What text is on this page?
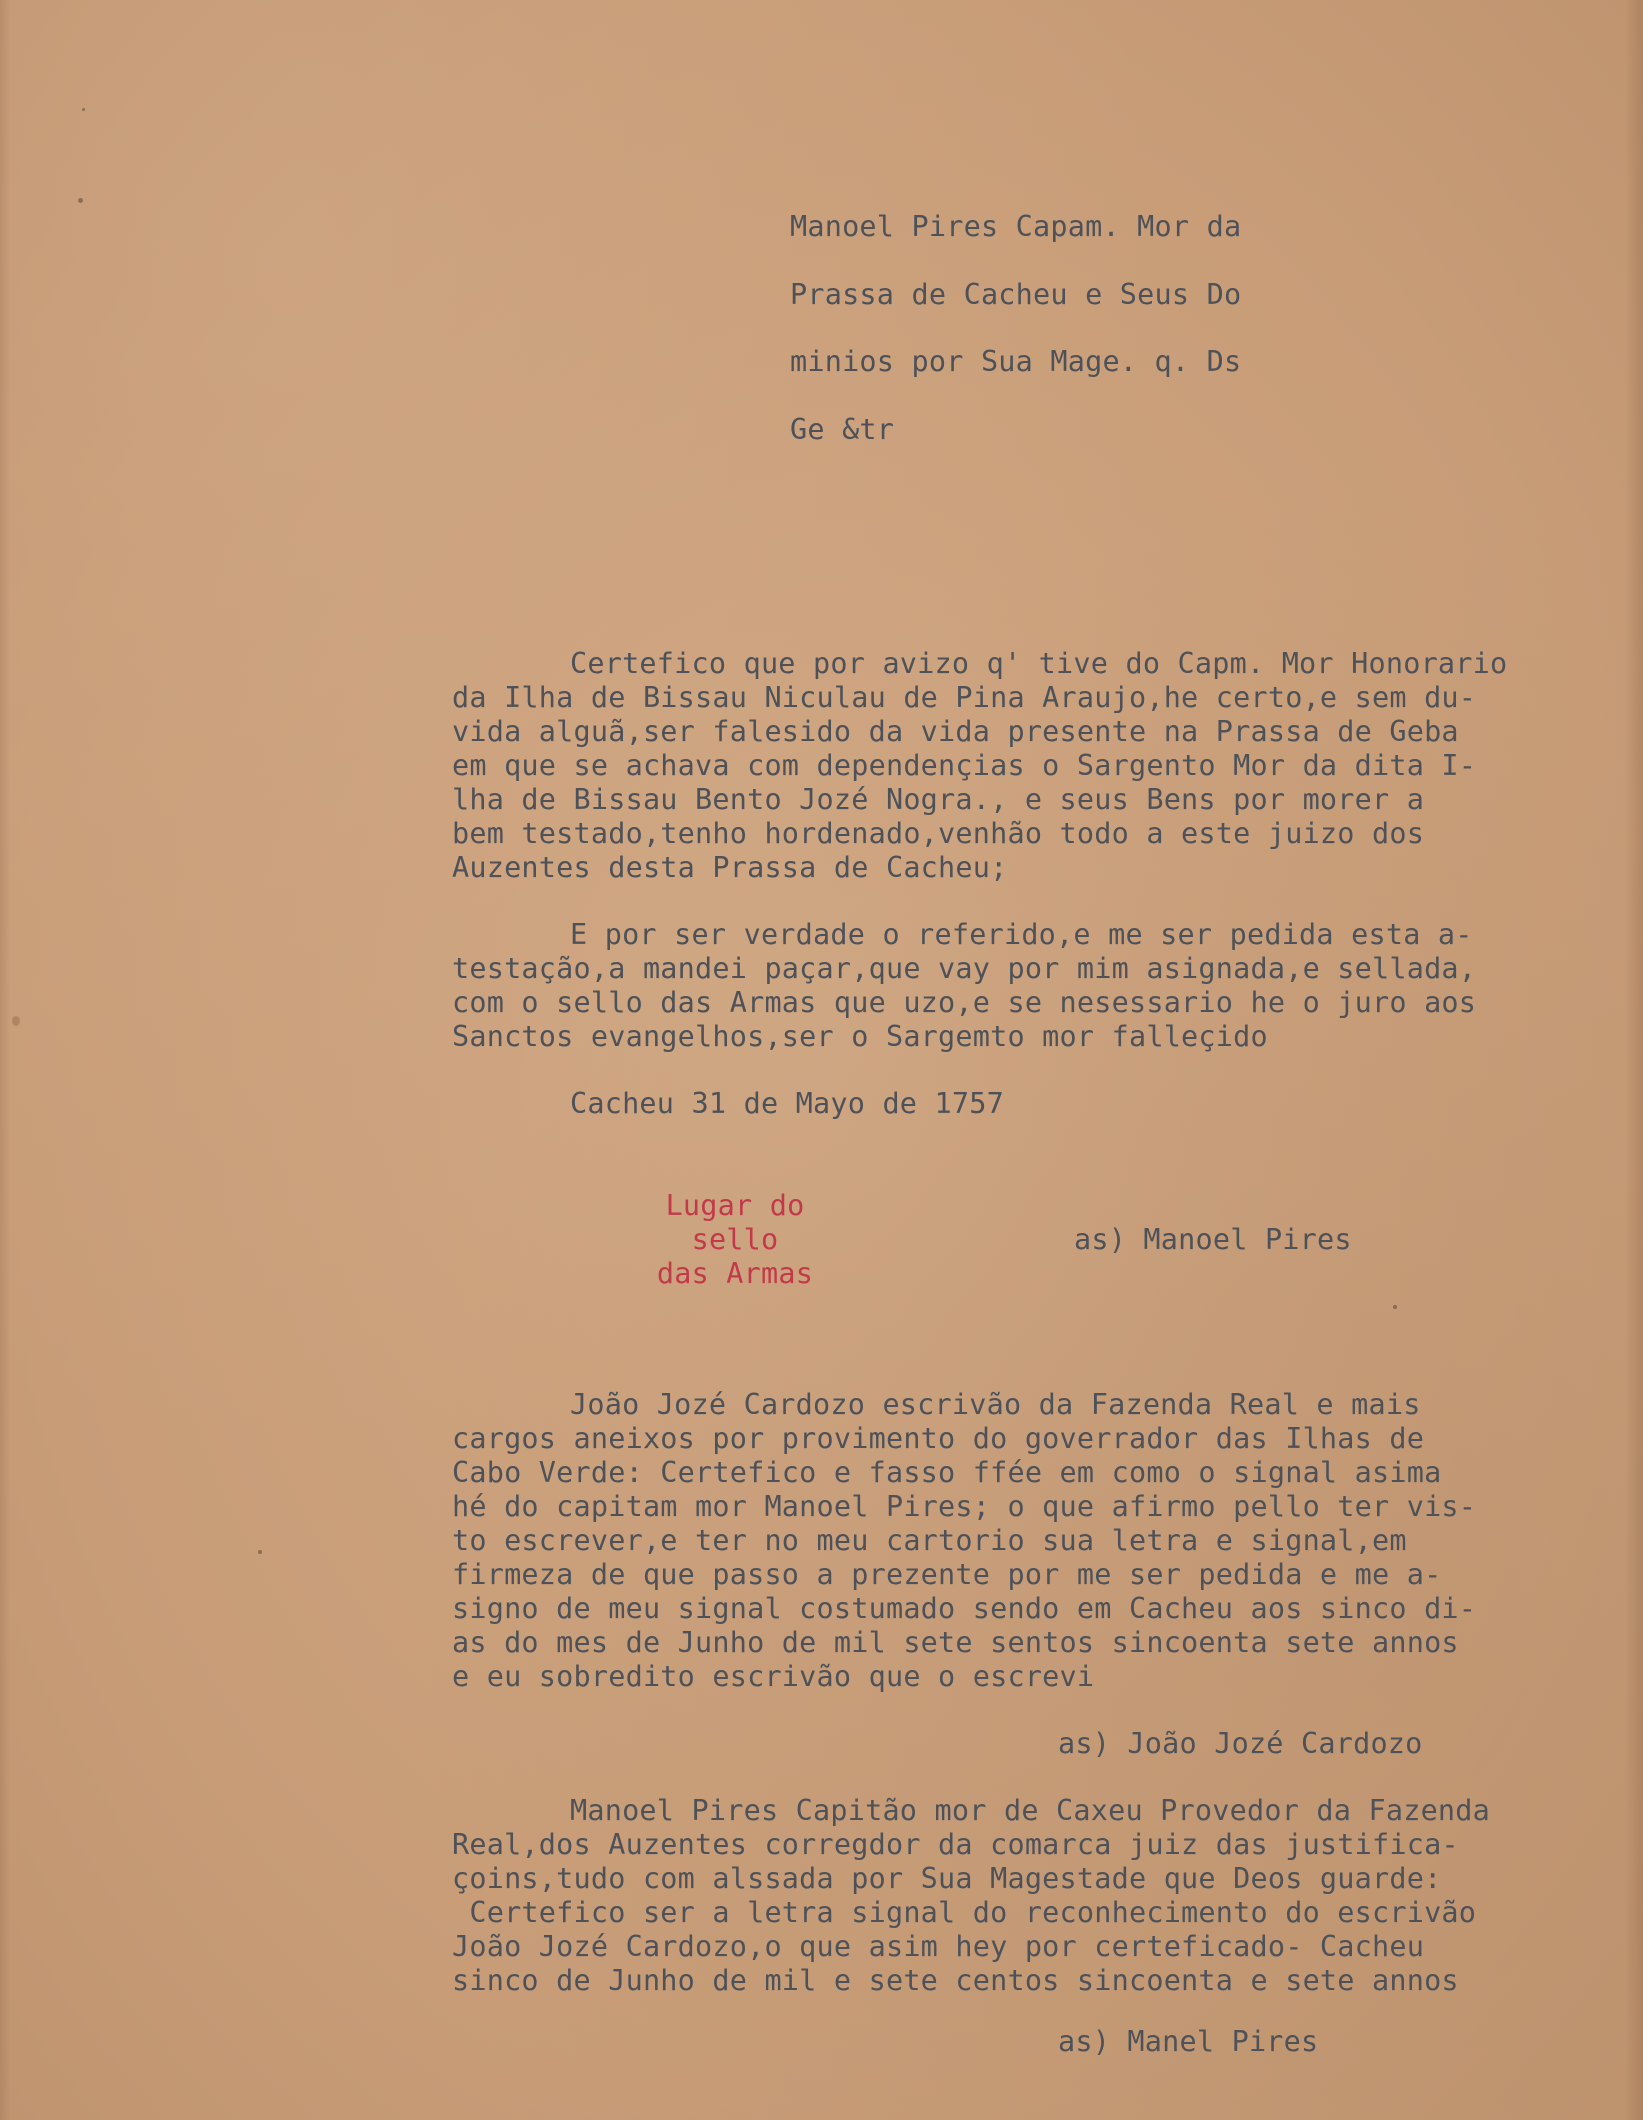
Manoel Pires Capam. Mor da
Prassa de Cacheu e Seus Do
minios por Sua Mage. q. Ds
Ge &tr
Certefico que por avizo q' tive do Capm. Mor Honorario
da Ilha de Bissau Niculau de Pina Araujo,he certo,e sem du-
vida alguã,ser falesido da vida presente na Prassa de Geba
em que se achava com dependençias o Sargento Mor da dita I-
lha de Bissau Bento Jozé Nogra., e seus Bens por morer a
bem testado,tenho hordenado,venhão todo a este juizo dos
Auzentes desta Prassa de Cacheu;
E por ser verdade o referido,e me ser pedida esta a-
testação,a mandei paçar,que vay por mim asignada,e sellada,
com o sello das Armas que uzo,e se nesessario he o juro aos
Sanctos evangelhos,ser o Sargemto mor falleçido
Cacheu 31 de Mayo de 1757
Lugar do
sello
das Armas
as) Manoel Pires
João Jozé Cardozo escrivão da Fazenda Real e mais
cargos aneixos por provimento do goverrador das Ilhas de
Cabo Verde: Certefico e fasso ffée em como o signal asima
hé do capitam mor Manoel Pires; o que afirmo pello ter vis-
to escrever,e ter no meu cartorio sua letra e signal,em
firmeza de que passo a prezente por me ser pedida e me a-
signo de meu signal costumado sendo em Cacheu aos sinco di-
as do mes de Junho de mil sete sentos sincoenta sete annos
e eu sobredito escrivão que o escrevi
as) João Jozé Cardozo
Manoel Pires Capitão mor de Caxeu Provedor da Fazenda
Real,dos Auzentes corregdor da comarca juiz das justifica-
çoins,tudo com alssada por Sua Magestade que Deos guarde:
Certefico ser a letra signal do reconhecimento do escrivão
João Jozé Cardozo,o que asim hey por certeficado- Cacheu
sinco de Junho de mil e sete centos sincoenta e sete annos
as) Manel Pires
